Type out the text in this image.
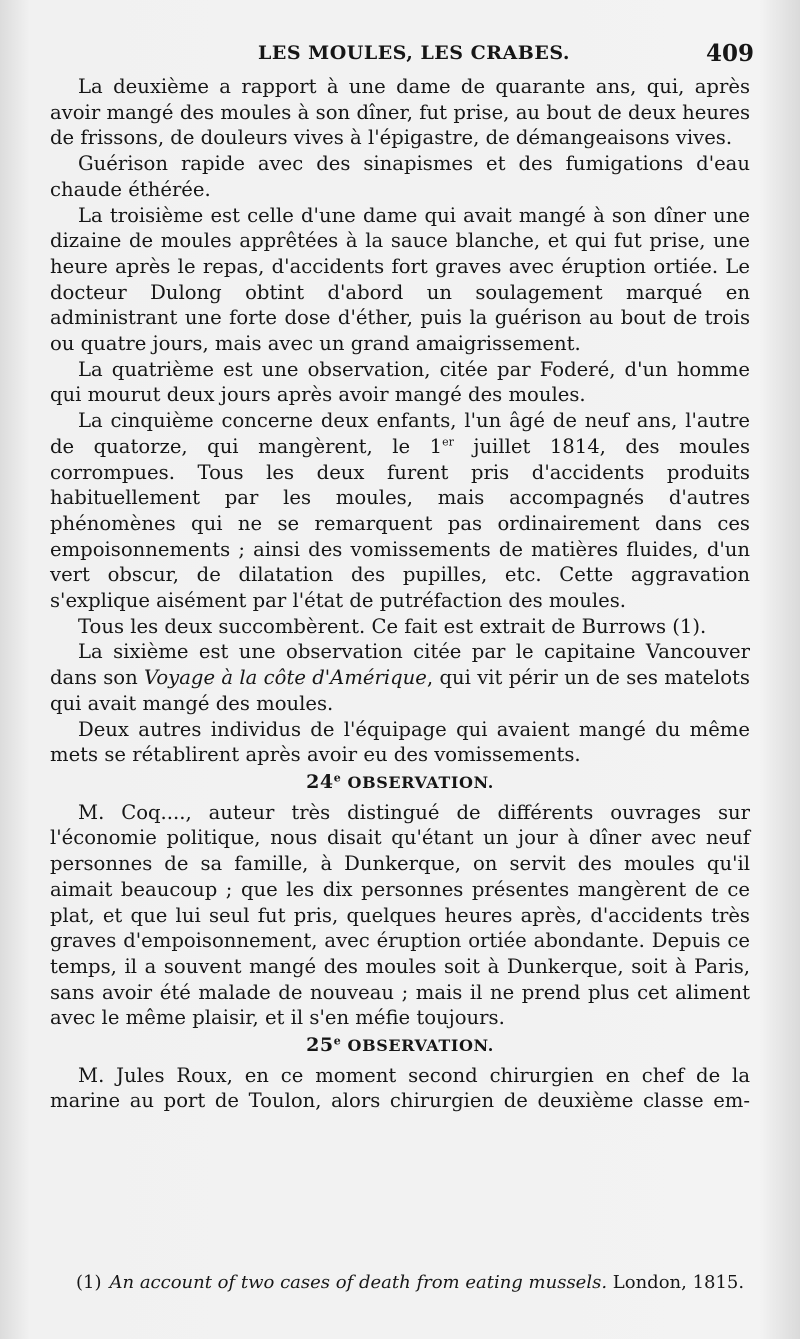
LES MOULES, LES CRABES.	409

La deuxième a rapport à une dame de quarante ans, qui, après avoir mangé des moules à son dîner, fut prise, au bout de deux heures de frissons, de douleurs vives à l'épigastre, de démangeaisons vives.

Guérison rapide avec des sinapismes et des fumigations d'eau chaude éthérée.

La troisième est celle d'une dame qui avait mangé à son dîner une dizaine de moules apprêtées à la sauce blanche, et qui fut prise, une heure après le repas, d'accidents fort graves avec éruption ortiée. Le docteur Dulong obtint d'abord un soulagement marqué en administrant une forte dose d'éther, puis la guérison au bout de trois ou quatre jours, mais avec un grand amaigrissement.

La quatrième est une observation, citée par Foderé, d'un homme qui mourut deux jours après avoir mangé des moules.

La cinquième concerne deux enfants, l'un âgé de neuf ans, l'autre de quatorze, qui mangèrent, le 1er juillet 1814, des moules corrompues. Tous les deux furent pris d'accidents produits habituellement par les moules, mais accompagnés d'autres phénomènes qui ne se remarquent pas ordinairement dans ces empoisonnements ; ainsi des vomissements de matières fluides, d'un vert obscur, de dilatation des pupilles, etc. Cette aggravation s'explique aisément par l'état de putréfaction des moules.

Tous les deux succombèrent. Ce fait est extrait de Burrows (1).

La sixième est une observation citée par le capitaine Vancouver dans son Voyage à la côte d'Amérique, qui vit périr un de ses matelots qui avait mangé des moules.

Deux autres individus de l'équipage qui avaient mangé du même mets se rétablirent après avoir eu des vomissements.

24e OBSERVATION.

M. Coq...., auteur très distingué de différents ouvrages sur l'économie politique, nous disait qu'étant un jour à dîner avec neuf personnes de sa famille, à Dunkerque, on servit des moules qu'il aimait beaucoup ; que les dix personnes présentes mangèrent de ce plat, et que lui seul fut pris, quelques heures après, d'accidents très graves d'empoisonnement, avec éruption ortiée abondante. Depuis ce temps, il a souvent mangé des moules soit à Dunkerque, soit à Paris, sans avoir été malade de nouveau ; mais il ne prend plus cet aliment avec le même plaisir, et il s'en méfie toujours.

25e OBSERVATION.

M. Jules Roux, en ce moment second chirurgien en chef de la marine au port de Toulon, alors chirurgien de deuxième classe em-

(1) An account of two cases of death from eating mussels. London, 1815.
